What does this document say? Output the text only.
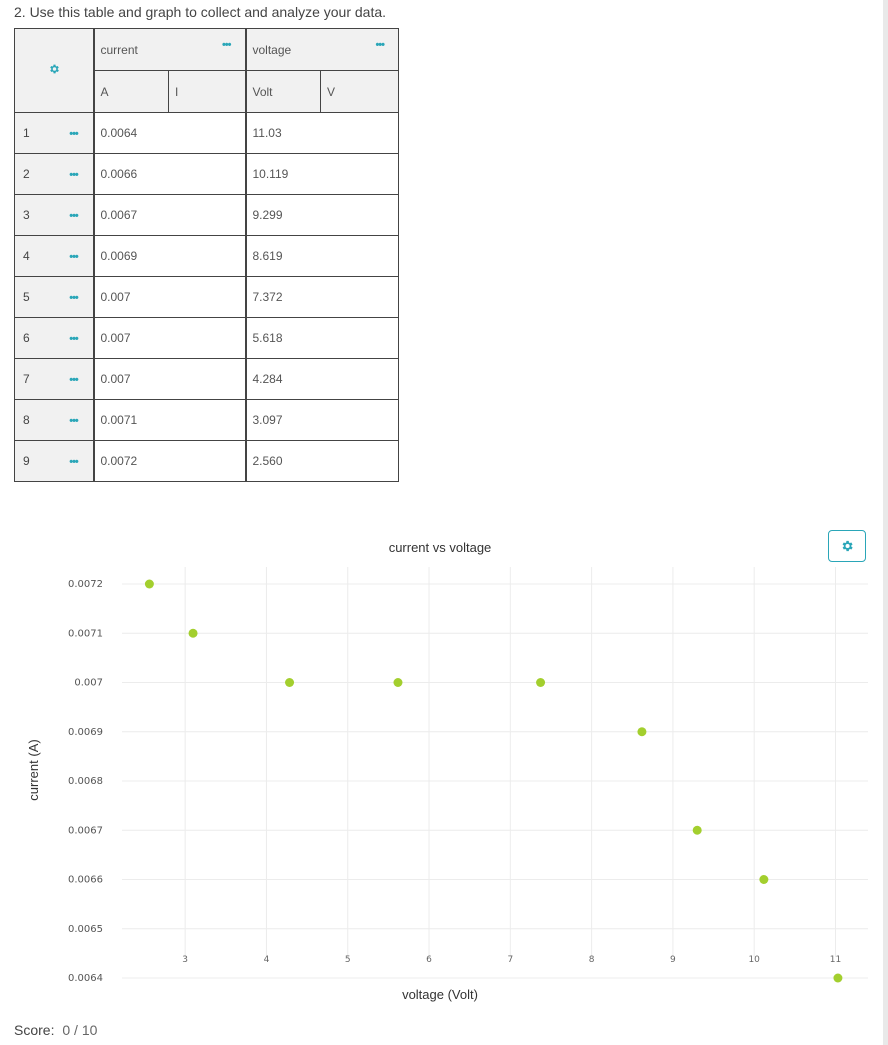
2. Use this table and graph to collect and analyze your data.
	current •••		voltage •••	

		A	I	Volt	V
1	•••	0.0064		11.03	
2	•••	0.0066		10.119	
3	•••	0.0067		9.299	
4	•••	0.0069		8.619	
5	•••	0.007		7.372	
6	•••	0.007		5.618	
7	•••	0.007		4.284	
8	•••	0.0071		3.097	
9	•••	0.0072		2.560	
3	4	5	6	7	8	9	10	11
0.0064
0.0065
0.0066
0.0067
0.0068
0.0069
0.007
0.0071
0.0072
current vs voltage
voltage (Volt)
current (A)
Score: 0 / 10
